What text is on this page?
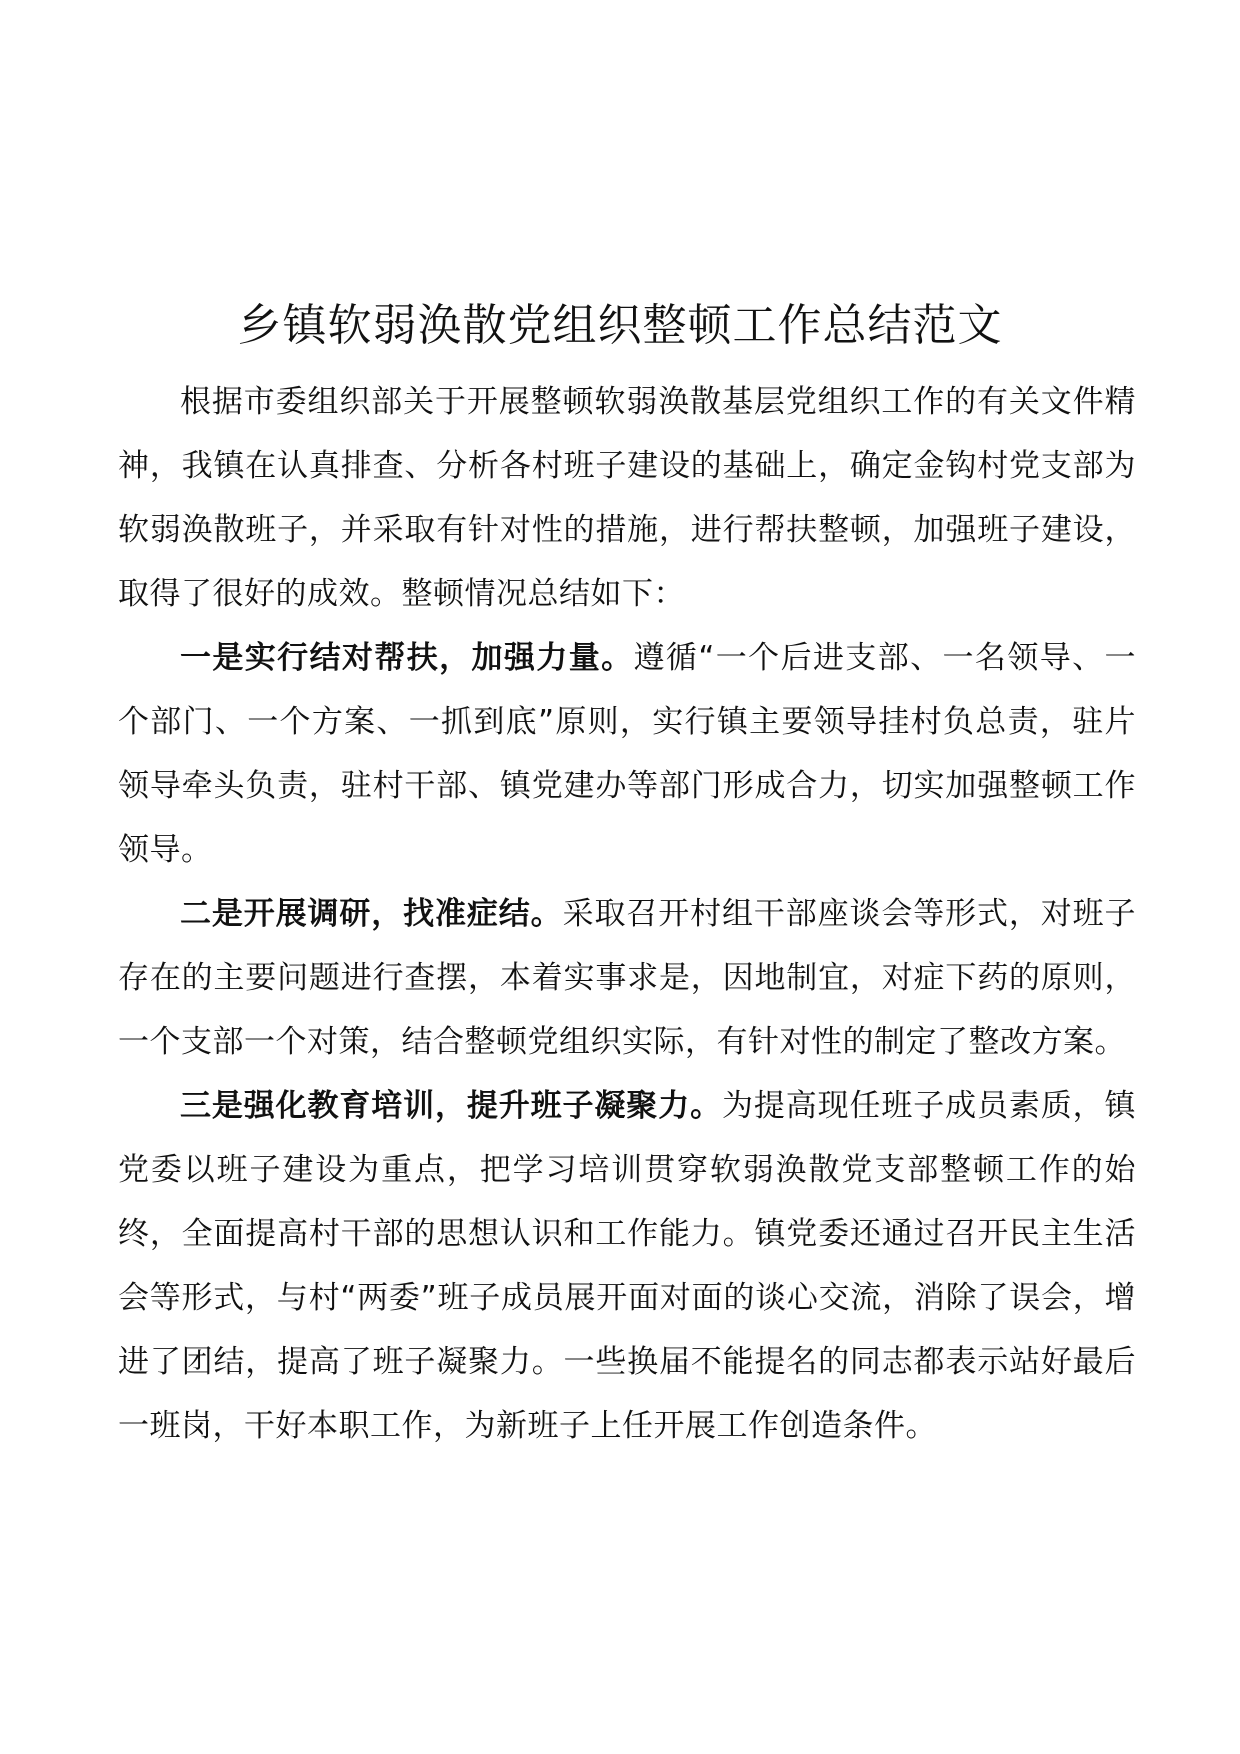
乡镇软弱涣散党组织整顿工作总结范文

根据市委组织部关于开展整顿软弱涣散基层党组织工作的有关文件精神，我镇在认真排查、分析各村班子建设的基础上，确定金钩村党支部为软弱涣散班子，并采取有针对性的措施，进行帮扶整顿，加强班子建设，取得了很好的成效。整顿情况总结如下：

一是实行结对帮扶，加强力量。遵循“一个后进支部、一名领导、一个部门、一个方案、一抓到底”原则，实行镇主要领导挂村负总责，驻片领导牵头负责，驻村干部、镇党建办等部门形成合力，切实加强整顿工作领导。

二是开展调研，找准症结。采取召开村组干部座谈会等形式，对班子存在的主要问题进行查摆，本着实事求是，因地制宜，对症下药的原则，一个支部一个对策，结合整顿党组织实际，有针对性的制定了整改方案。

三是强化教育培训，提升班子凝聚力。为提高现任班子成员素质，镇党委以班子建设为重点，把学习培训贯穿软弱涣散党支部整顿工作的始终，全面提高村干部的思想认识和工作能力。镇党委还通过召开民主生活会等形式，与村“两委”班子成员展开面对面的谈心交流，消除了误会，增进了团结，提高了班子凝聚力。一些换届不能提名的同志都表示站好最后一班岗，干好本职工作，为新班子上任开展工作创造条件。
